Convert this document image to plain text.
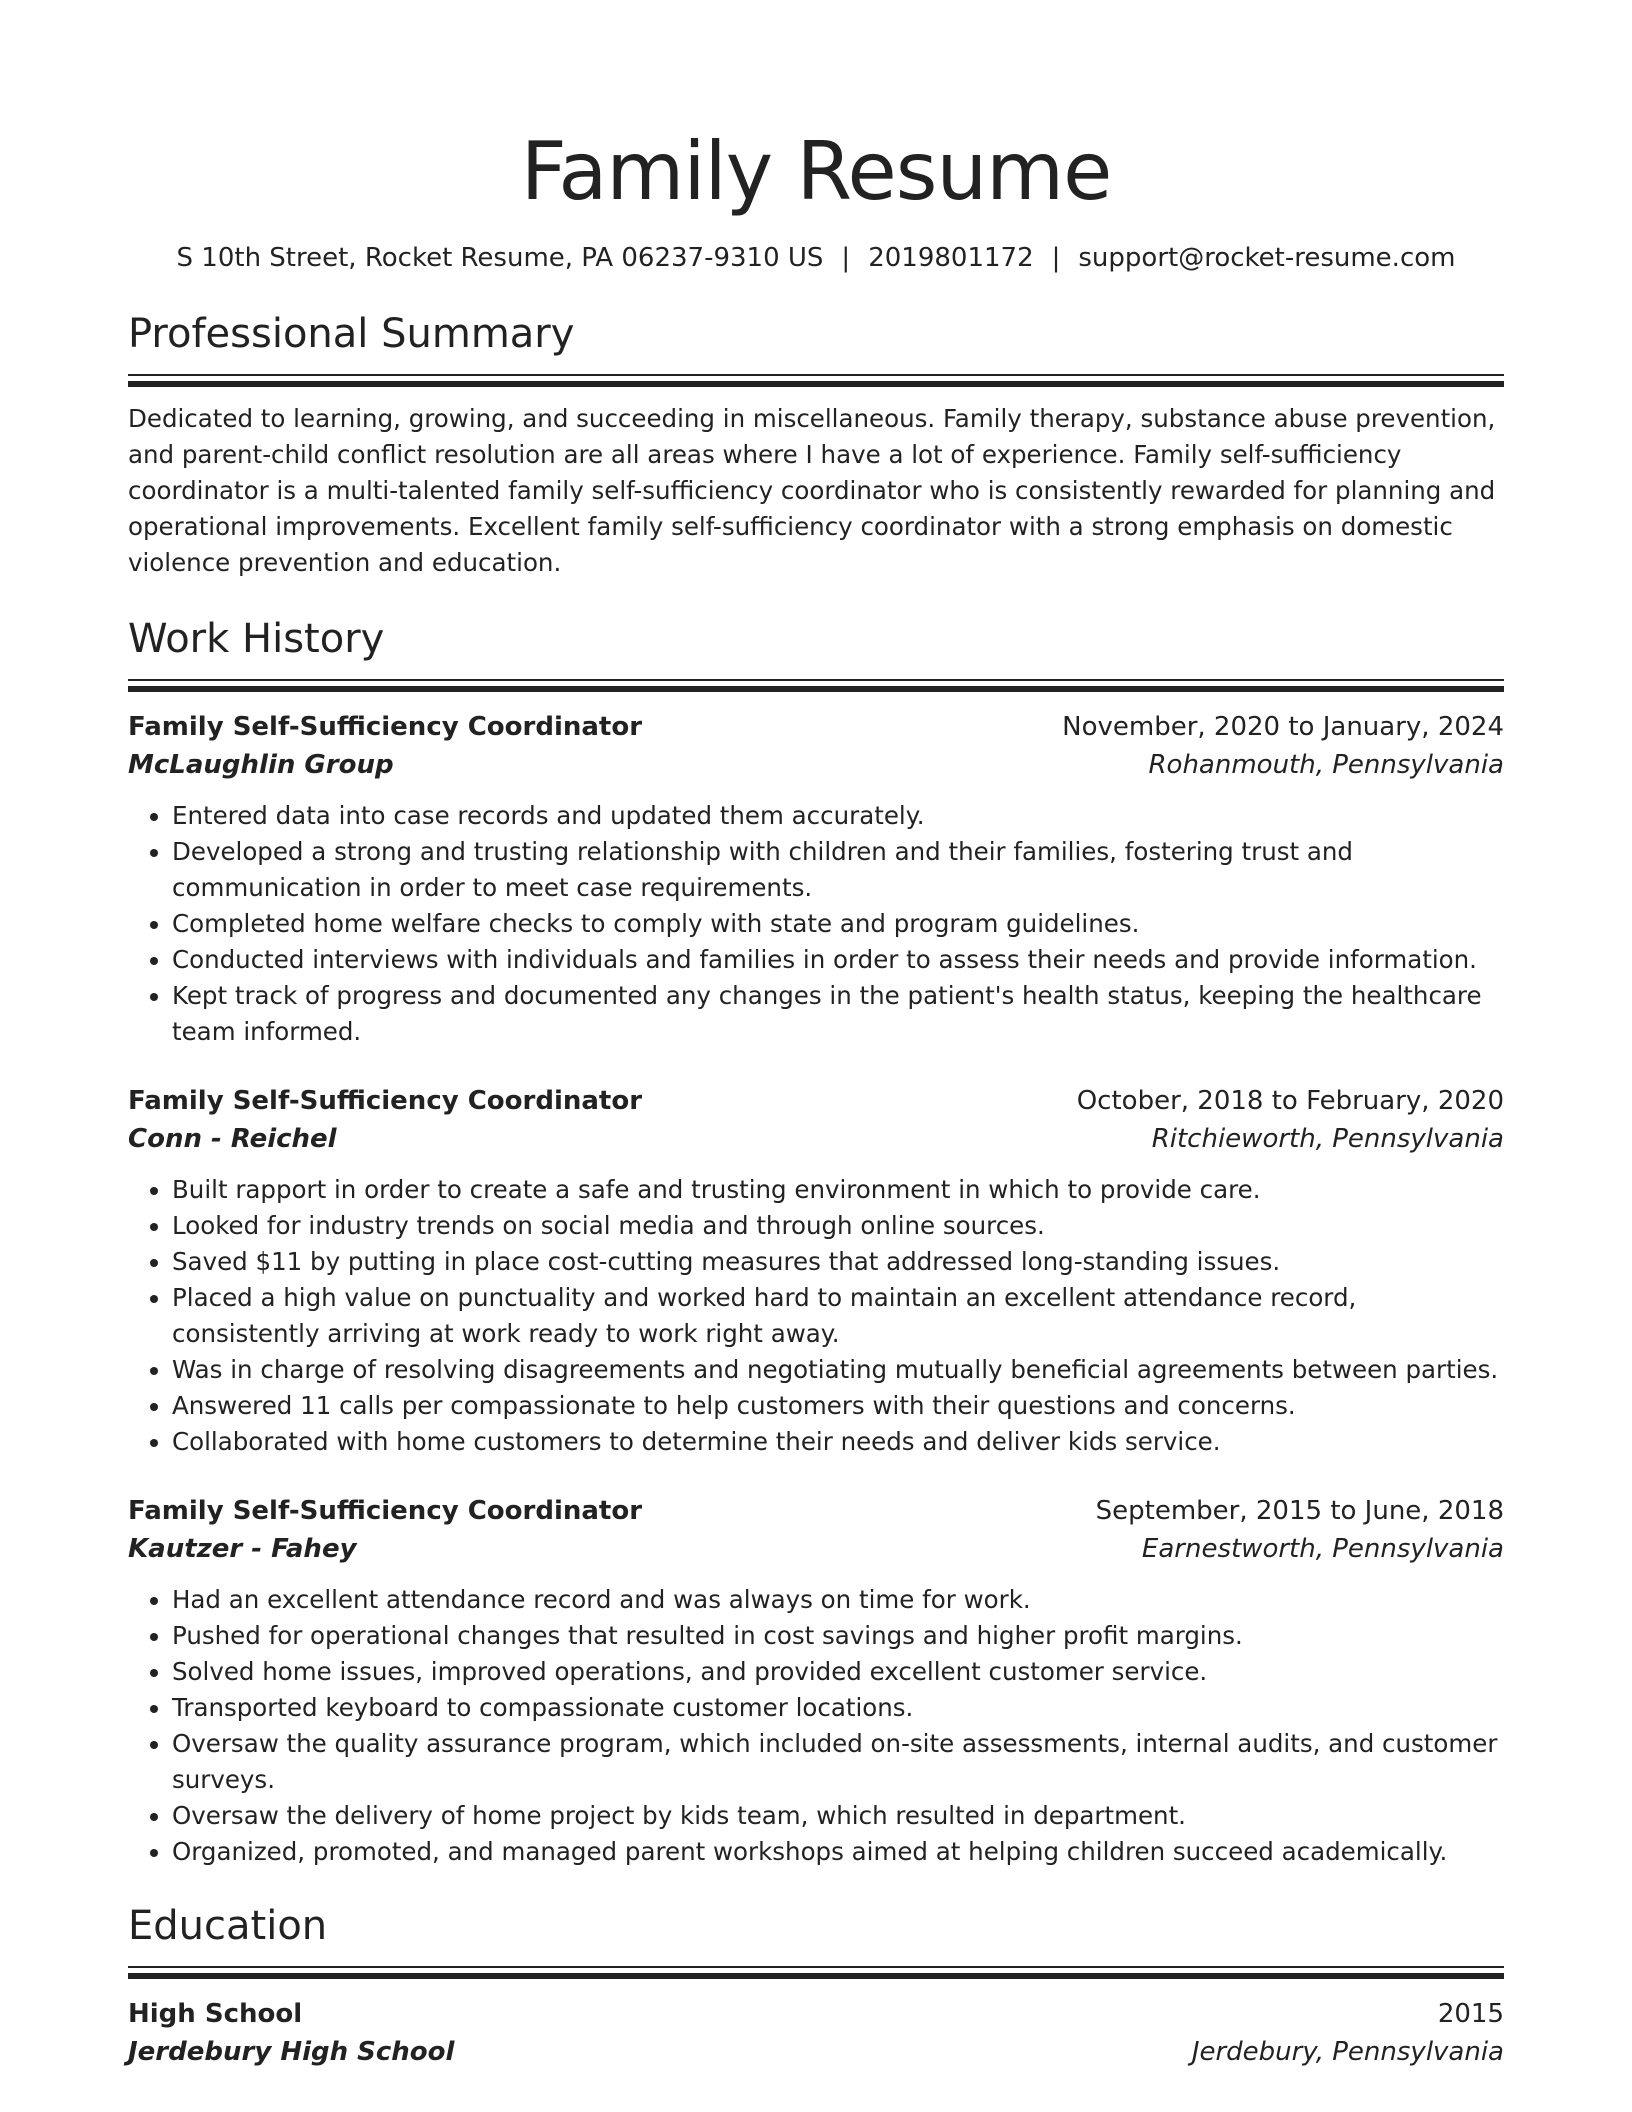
Family Resume
S 10th Street, Rocket Resume, PA 06237-9310 US | 2019801172 | support@rocket-resume.com
Professional Summary
Dedicated to learning, growing, and succeeding in miscellaneous. Family therapy, substance abuse prevention, and parent-child conflict resolution are all areas where I have a lot of experience. Family self-sufficiency coordinator is a multi-talented family self-sufficiency coordinator who is consistently rewarded for planning and operational improvements. Excellent family self-sufficiency coordinator with a strong emphasis on domestic violence prevention and education.
Work History
Family Self-Sufficiency Coordinator	November, 2020 to January, 2024
McLaughlin Group	Rohanmouth, Pennsylvania
• Entered data into case records and updated them accurately.
• Developed a strong and trusting relationship with children and their families, fostering trust and communication in order to meet case requirements.
• Completed home welfare checks to comply with state and program guidelines.
• Conducted interviews with individuals and families in order to assess their needs and provide information.
• Kept track of progress and documented any changes in the patient's health status, keeping the healthcare team informed.
Family Self-Sufficiency Coordinator	October, 2018 to February, 2020
Conn - Reichel	Ritchieworth, Pennsylvania
• Built rapport in order to create a safe and trusting environment in which to provide care.
• Looked for industry trends on social media and through online sources.
• Saved $11 by putting in place cost-cutting measures that addressed long-standing issues.
• Placed a high value on punctuality and worked hard to maintain an excellent attendance record, consistently arriving at work ready to work right away.
• Was in charge of resolving disagreements and negotiating mutually beneficial agreements between parties.
• Answered 11 calls per compassionate to help customers with their questions and concerns.
• Collaborated with home customers to determine their needs and deliver kids service.
Family Self-Sufficiency Coordinator	September, 2015 to June, 2018
Kautzer - Fahey	Earnestworth, Pennsylvania
• Had an excellent attendance record and was always on time for work.
• Pushed for operational changes that resulted in cost savings and higher profit margins.
• Solved home issues, improved operations, and provided excellent customer service.
• Transported keyboard to compassionate customer locations.
• Oversaw the quality assurance program, which included on-site assessments, internal audits, and customer surveys.
• Oversaw the delivery of home project by kids team, which resulted in department.
• Organized, promoted, and managed parent workshops aimed at helping children succeed academically.
Education
High School	2015
Jerdebury High School	Jerdebury, Pennsylvania
